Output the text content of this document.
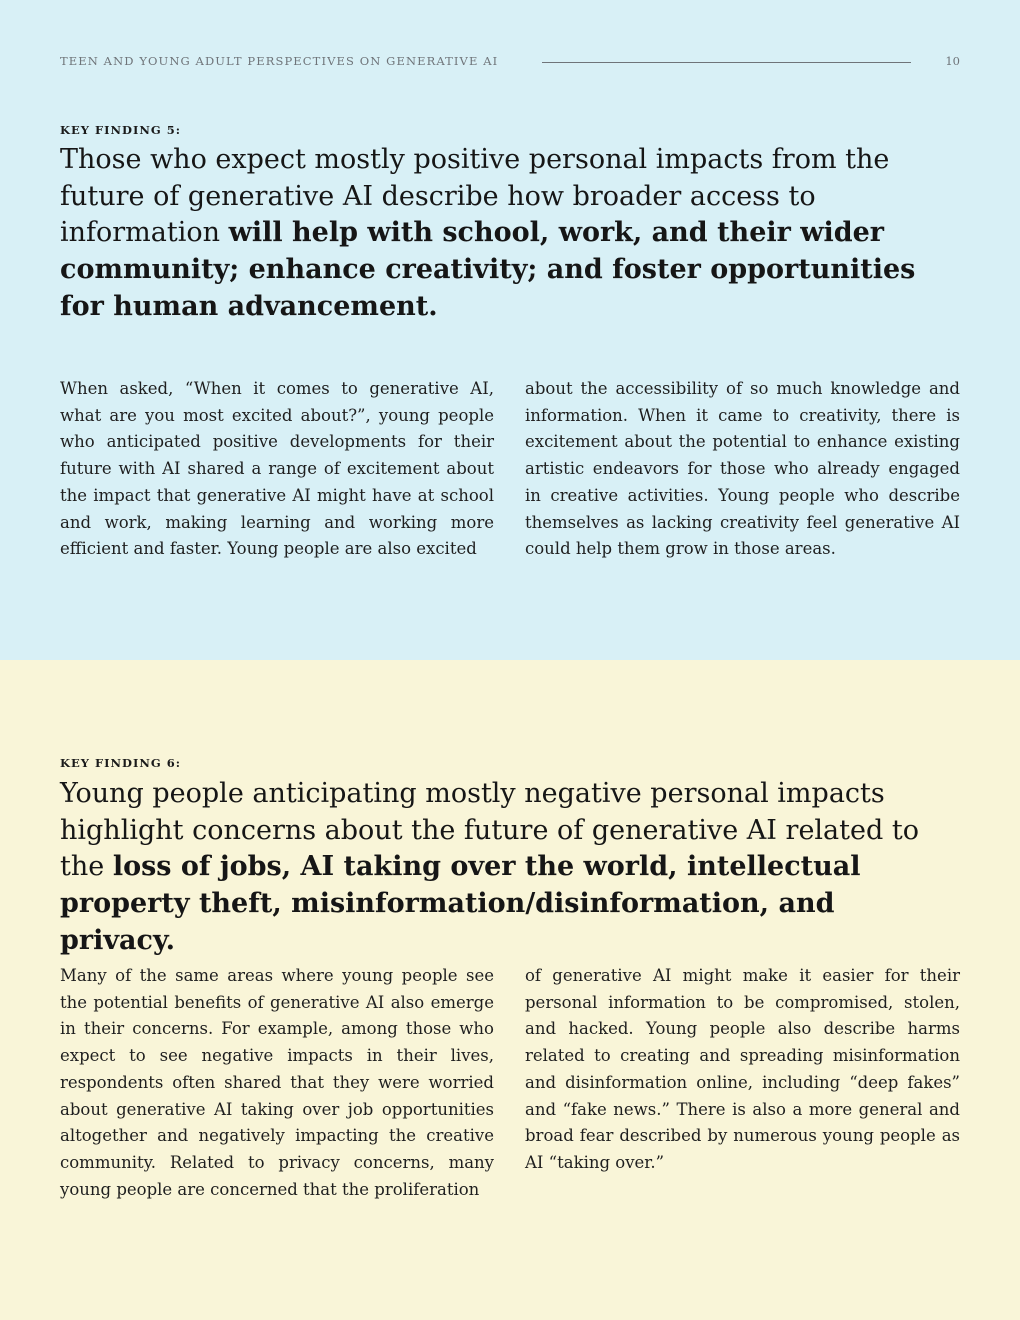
TEEN AND YOUNG ADULT PERSPECTIVES ON GENERATIVE AI	10
KEY FINDING 5:
Those who expect mostly positive personal impacts from the future of generative AI describe how broader access to information will help with school, work, and their wider community; enhance creativity; and foster opportunities for human advancement.
When asked, “When it comes to generative AI, what are you most excited about?”, young people who anticipated positive developments for their future with AI shared a range of excitement about the impact that generative AI might have at school and work, making learning and working more efficient and faster. Young people are also excited
about the accessibility of so much knowledge and information. When it came to creativity, there is excitement about the potential to enhance existing artistic endeavors for those who already engaged in creative activities. Young people who describe themselves as lacking creativity feel generative AI could help them grow in those areas.
KEY FINDING 6:
Young people anticipating mostly negative personal impacts highlight concerns about the future of generative AI related to the loss of jobs, AI taking over the world, intellectual property theft, misinformation/disinformation, and privacy.
Many of the same areas where young people see the potential benefits of generative AI also emerge in their concerns. For example, among those who expect to see negative impacts in their lives, respondents often shared that they were worried about generative AI taking over job opportunities altogether and negatively impacting the creative community. Related to privacy concerns, many young people are concerned that the proliferation
of generative AI might make it easier for their personal information to be compromised, stolen, and hacked. Young people also describe harms related to creating and spreading misinformation and disinformation online, including “deep fakes” and “fake news.” There is also a more general and broad fear described by numerous young people as AI “taking over.”
